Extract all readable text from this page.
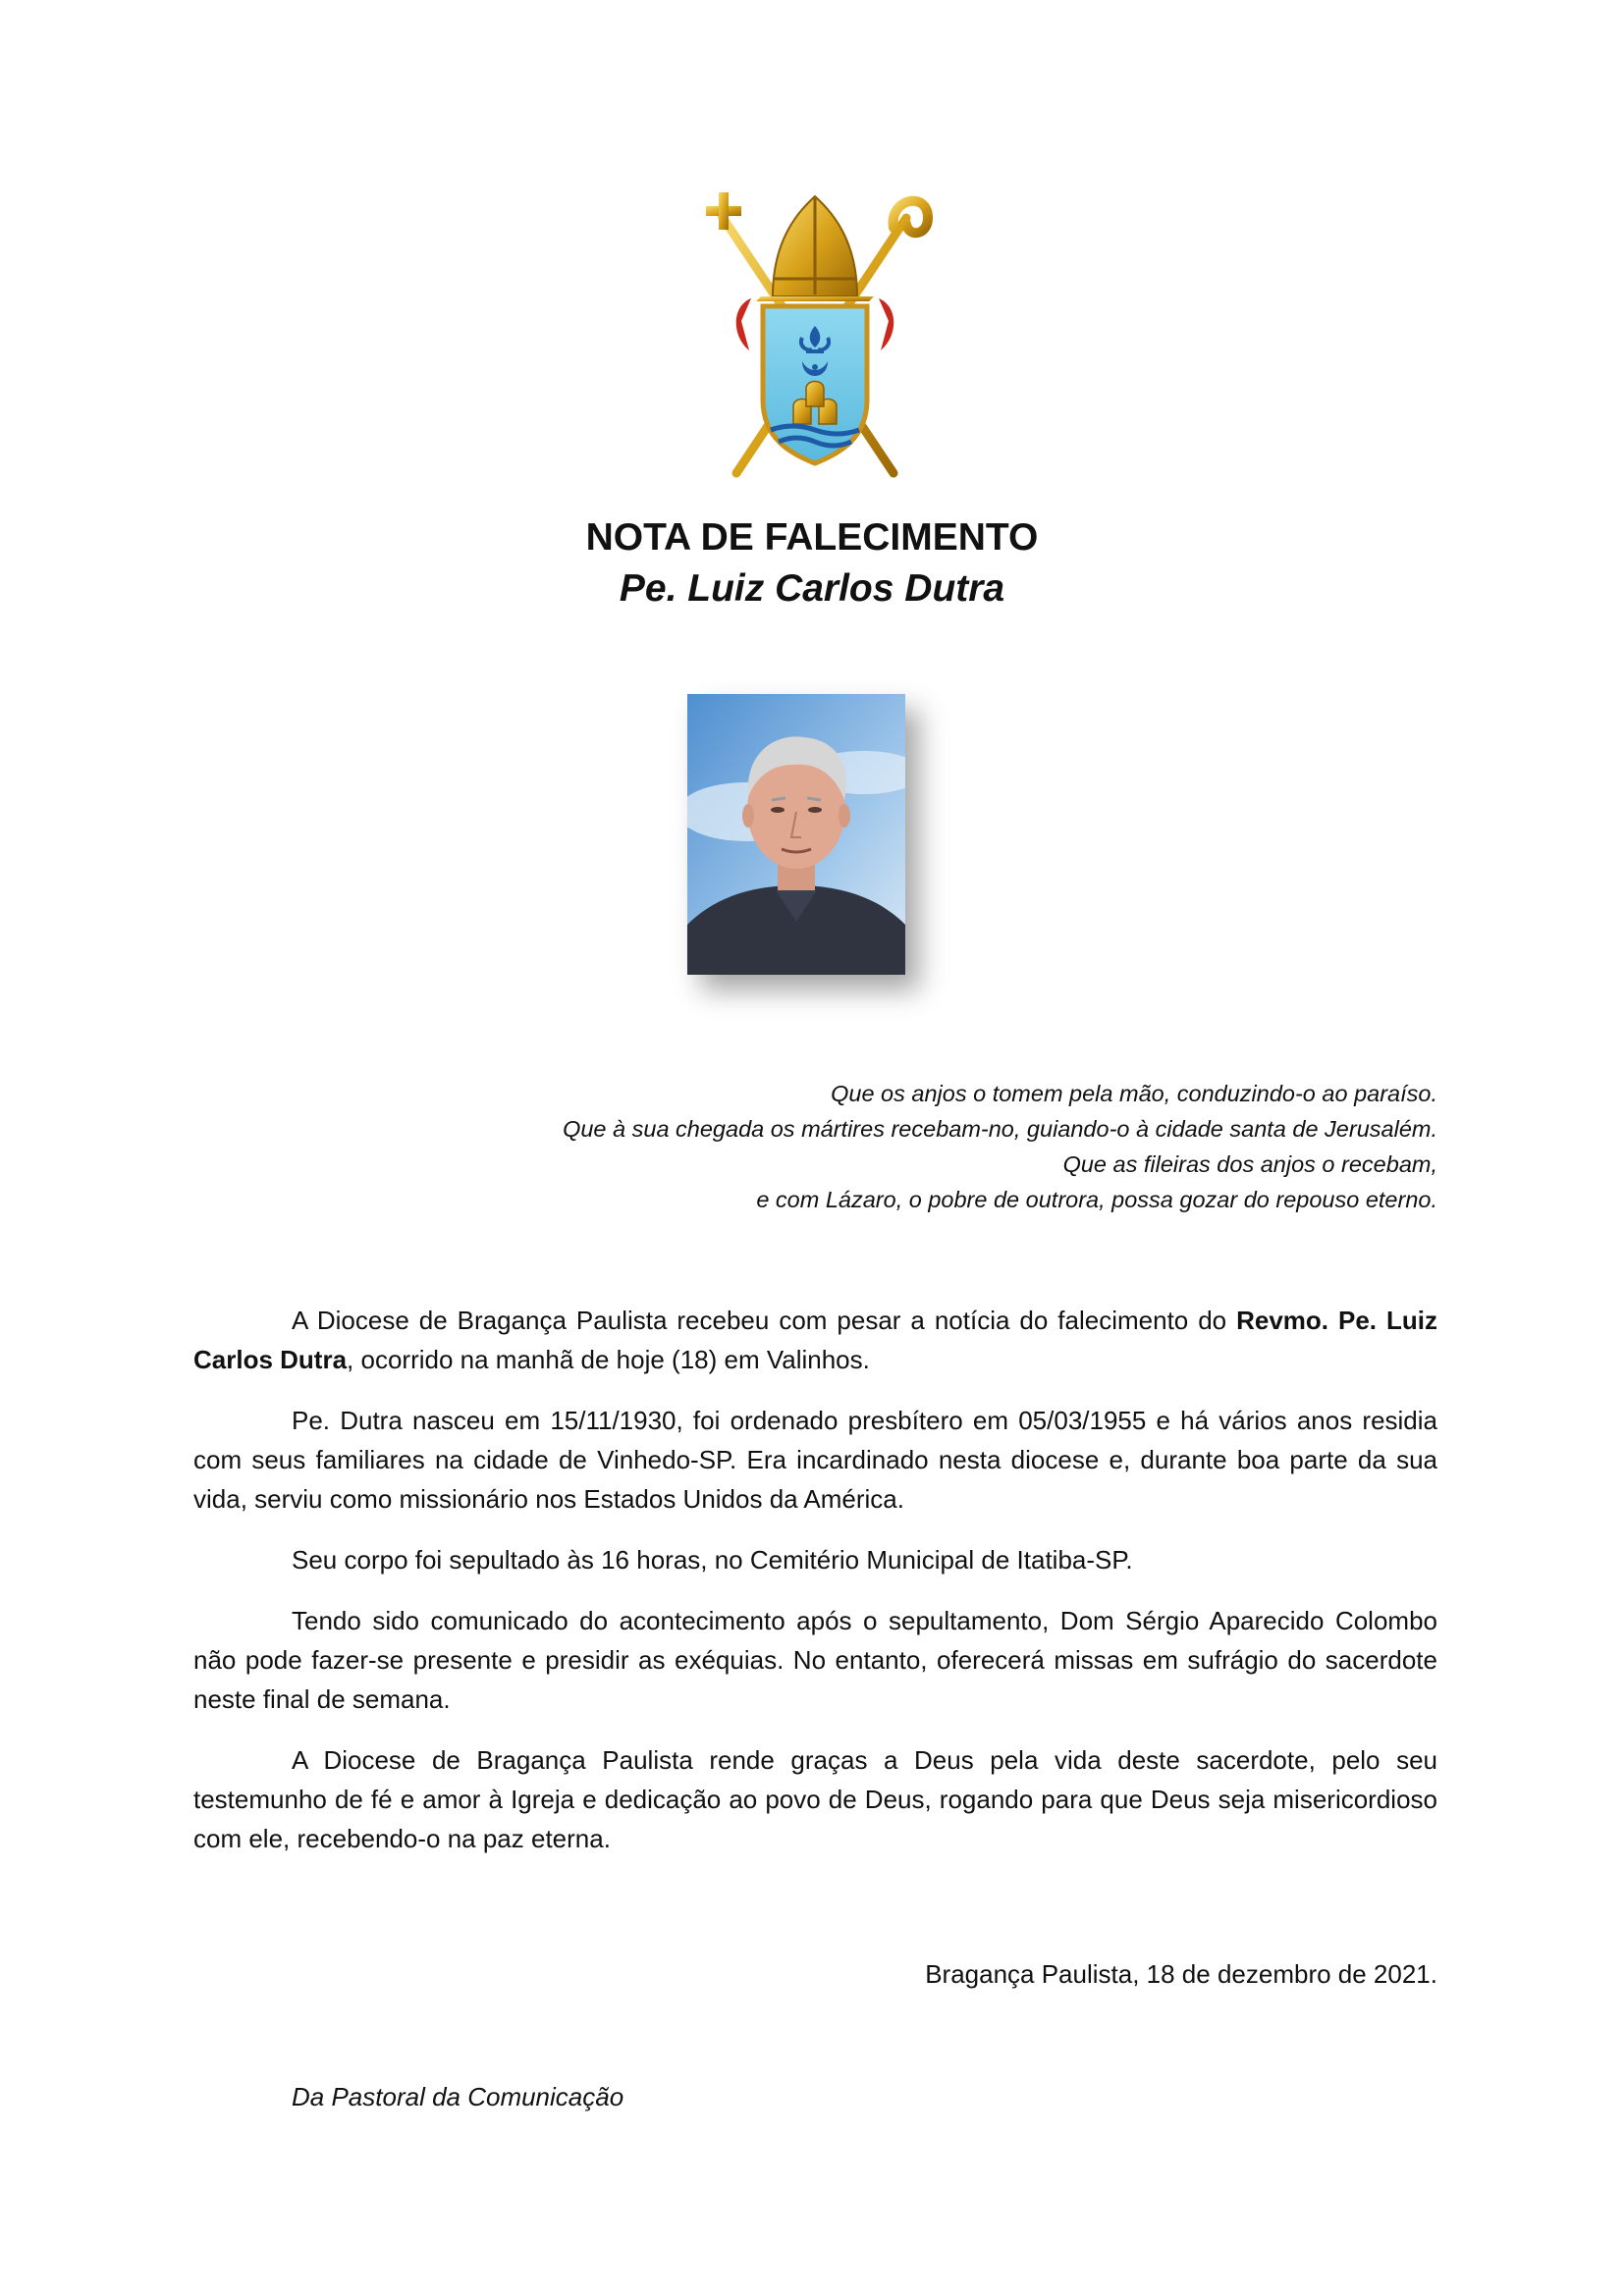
NOTA DE FALECIMENTO
Pe. Luiz Carlos Dutra

Que os anjos o tomem pela mão, conduzindo-o ao paraíso.

Que à sua chegada os mártires recebam-no, guiando-o à cidade santa de Jerusalém.

Que as fileiras dos anjos o recebam,

e com Lázaro, o pobre de outrora, possa gozar do repouso eterno.

A Diocese de Bragança Paulista recebeu com pesar a notícia do falecimento do Revmo. Pe. Luiz Carlos Dutra, ocorrido na manhã de hoje (18) em Valinhos.

Pe. Dutra nasceu em 15/11/1930, foi ordenado presbítero em 05/03/1955 e há vários anos residia com seus familiares na cidade de Vinhedo-SP. Era incardinado nesta diocese e, durante boa parte da sua vida, serviu como missionário nos Estados Unidos da América.

Seu corpo foi sepultado às 16 horas, no Cemitério Municipal de Itatiba-SP.

Tendo sido comunicado do acontecimento após o sepultamento, Dom Sérgio Aparecido Colombo não pode fazer-se presente e presidir as exéquias. No entanto, oferecerá missas em sufrágio do sacerdote neste final de semana.

A Diocese de Bragança Paulista rende graças a Deus pela vida deste sacerdote, pelo seu testemunho de fé e amor à Igreja e dedicação ao povo de Deus, rogando para que Deus seja misericordioso com ele, recebendo-o na paz eterna.

Bragança Paulista, 18 de dezembro de 2021.
Da Pastoral da Comunicação
